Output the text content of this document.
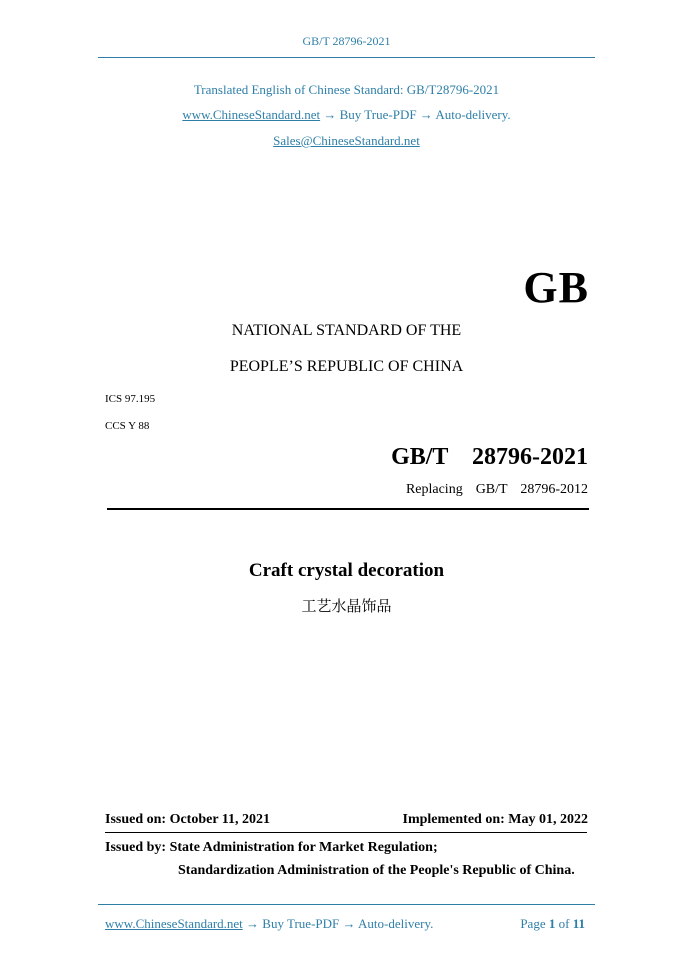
GB/T 28796-2021
Translated English of Chinese Standard: GB/T28796-2021
www.ChineseStandard.net → Buy True-PDF → Auto-delivery.
Sales@ChineseStandard.net
GB
NATIONAL STANDARD OF THE
PEOPLE’S REPUBLIC OF CHINA
ICS 97.195
CCS Y 88
GB/T  28796-2021
Replacing  GB/T  28796-2012
Craft crystal decoration
工艺水晶饰品
Issued on: October 11, 2021	Implemented on: May 01, 2022
Issued by: State Administration for Market Regulation;
Standardization Administration of the People's Republic of China.
www.ChineseStandard.net → Buy True-PDF → Auto-delivery.	Page 1 of 11
